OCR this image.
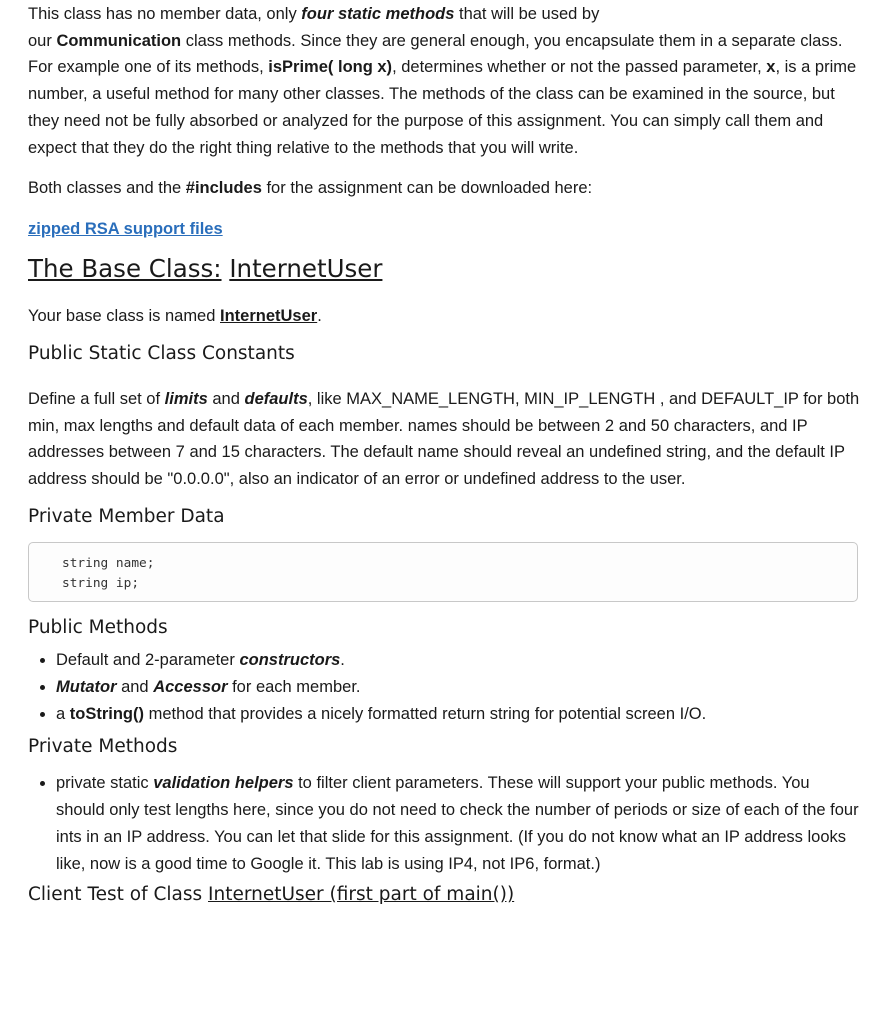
This class has no member data, only four static methods that will be used by
our Communication class methods. Since they are general enough, you encapsulate them in a separate class. For example one of its methods, isPrime( long x), determines whether or not the passed parameter, x, is a prime number, a useful method for many other classes. The methods of the class can be examined in the source, but they need not be fully absorbed or analyzed for the purpose of this assignment. You can simply call them and expect that they do the right thing relative to the methods that you will write.

Both classes and the #includes for the assignment can be downloaded here:

zipped RSA support files
The Base Class: InternetUser

Your base class is named InternetUser.

Public Static Class Constants

Define a full set of limits and defaults, like MAX_NAME_LENGTH, MIN_IP_LENGTH , and DEFAULT_IP for both min, max lengths and default data of each member. names should be between 2 and 50 characters, and IP addresses between 7 and 15 characters. The default name should reveal an undefined string, and the default IP address should be "0.0.0.0", also an indicator of an error or undefined address to the user.

Private Member Data
string name;
string ip;
Public Methods
• Default and 2-parameter constructors.
• Mutator and Accessor for each member.
• a toString() method that provides a nicely formatted return string for potential screen I/O.
Private Methods
• private static validation helpers to filter client parameters. These will support your public methods. You should only test lengths here, since you do not need to check the number of periods or size of each of the four ints in an IP address. You can let that slide for this assignment. (If you do not know what an IP address looks like, now is a good time to Google it. This lab is using IP4, not IP6, format.)
Client Test of Class InternetUser (first part of main())
